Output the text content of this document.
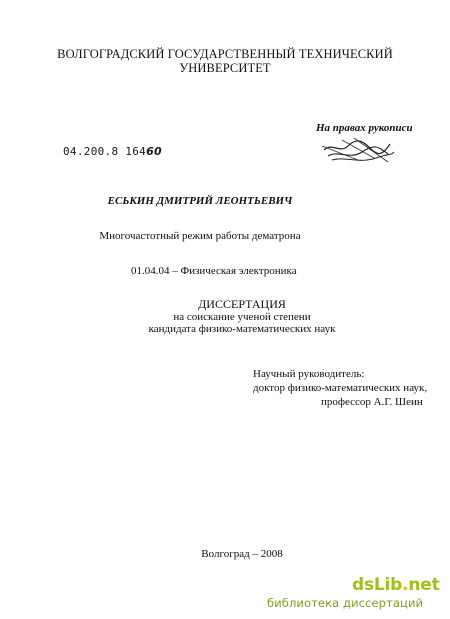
ВОЛГОГРАДСКИЙ ГОСУДАРСТВЕННЫЙ ТЕХНИЧЕСКИЙ
УНИВЕРСИТЕТ
На правах рукописи
04.200.8 16460
ЕСЬКИН ДМИТРИЙ ЛЕОНТЬЕВИЧ
Многочастотный режим работы дематрона
01.04.04 – Физическая электроника
ДИССЕРТАЦИЯ
на соискание ученой степени
кандидата физико-математических наук
Научный руководитель:
доктор физико-математических наук,
профессор А.Г. Шеин
Волгоград – 2008
dsLib.net
библиотека диссертаций
